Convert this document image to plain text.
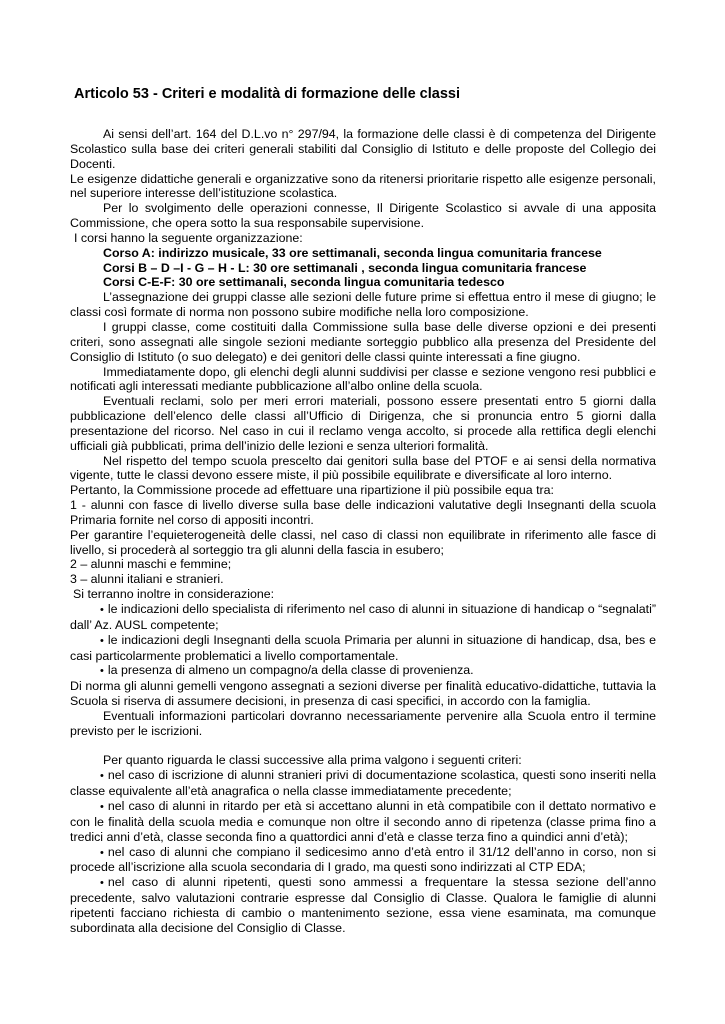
Articolo 53 - Criteri e modalità di formazione delle classi

Ai sensi dell’art. 164 del D.L.vo n° 297/94, la formazione delle classi è di competenza del Dirigente Scolastico sulla base dei criteri generali stabiliti dal Consiglio di Istituto e delle proposte del Collegio dei Docenti.

Le esigenze didattiche generali e organizzative sono da ritenersi prioritarie rispetto alle esigenze personali, nel superiore interesse dell’istituzione scolastica.

Per lo svolgimento delle operazioni connesse, Il Dirigente Scolastico si avvale di una apposita Commissione, che opera sotto la sua responsabile supervisione.

I corsi hanno la seguente organizzazione:

Corso A: indirizzo musicale, 33 ore settimanali, seconda lingua comunitaria francese

Corsi B – D –I - G – H - L: 30 ore settimanali , seconda lingua comunitaria francese

Corsi C-E-F: 30 ore settimanali, seconda lingua comunitaria tedesco

L’assegnazione dei gruppi classe alle sezioni delle future prime si effettua entro il mese di giugno; le classi così formate di norma non possono subire modifiche nella loro composizione.

I gruppi classe, come costituiti dalla Commissione sulla base delle diverse opzioni e dei presenti criteri, sono assegnati alle singole sezioni mediante sorteggio pubblico alla presenza del Presidente del Consiglio di Istituto (o suo delegato) e dei genitori delle classi quinte interessati a fine giugno.

Immediatamente dopo, gli elenchi degli alunni suddivisi per classe e sezione vengono resi pubblici e notificati agli interessati mediante pubblicazione all’albo online della scuola.

Eventuali reclami, solo per meri errori materiali, possono essere presentati entro 5 giorni dalla pubblicazione dell’elenco delle classi all’Ufficio di Dirigenza, che si pronuncia entro 5 giorni dalla presentazione del ricorso. Nel caso in cui il reclamo venga accolto, si procede alla rettifica degli elenchi ufficiali già pubblicati, prima dell’inizio delle lezioni e senza ulteriori formalità.

Nel rispetto del tempo scuola prescelto dai genitori sulla base del PTOF e ai sensi della normativa vigente, tutte le classi devono essere miste, il più possibile equilibrate e diversificate al loro interno.

Pertanto, la Commissione procede ad effettuare una ripartizione il più possibile equa tra:

1 - alunni con fasce di livello diverse sulla base delle indicazioni valutative degli Insegnanti della scuola Primaria fornite nel corso di appositi incontri.

Per garantire l’equieterogeneità delle classi, nel caso di classi non equilibrate in riferimento alle fasce di livello, si procederà al sorteggio tra gli alunni della fascia in esubero;

2 – alunni maschi e femmine;

3 – alunni italiani e stranieri.

Si terranno inoltre in considerazione:

• le indicazioni dello specialista di riferimento nel caso di alunni in situazione di handicap o “segnalati” dall’ Az. AUSL competente;

• le indicazioni degli Insegnanti della scuola Primaria per alunni in situazione di handicap, dsa, bes e casi particolarmente problematici a livello comportamentale.

• la presenza di almeno un compagno/a della classe di provenienza.

Di norma gli alunni gemelli vengono assegnati a sezioni diverse per finalità educativo-didattiche, tuttavia la Scuola si riserva di assumere decisioni, in presenza di casi specifici, in accordo con la famiglia.

Eventuali informazioni particolari dovranno necessariamente pervenire alla Scuola entro il termine previsto per le iscrizioni.

Per quanto riguarda le classi successive alla prima valgono i seguenti criteri:

• nel caso di iscrizione di alunni stranieri privi di documentazione scolastica, questi sono inseriti nella classe equivalente all’età anagrafica o nella classe immediatamente precedente;

• nel caso di alunni in ritardo per età si accettano alunni in età compatibile con il dettato normativo e con le finalità della scuola media e comunque non oltre il secondo anno di ripetenza (classe prima fino a tredici anni d’età, classe seconda fino a quattordici anni d’età e classe terza fino a quindici anni d’età);

• nel caso di alunni che compiano il sedicesimo anno d’età entro il 31/12 dell’anno in corso, non si procede all’iscrizione alla scuola secondaria di I grado, ma questi sono indirizzati al CTP EDA;

• nel caso di alunni ripetenti, questi sono ammessi a frequentare la stessa sezione dell’anno precedente, salvo valutazioni contrarie espresse dal Consiglio di Classe. Qualora le famiglie di alunni ripetenti facciano richiesta di cambio o mantenimento sezione, essa viene esaminata, ma comunque subordinata alla decisione del Consiglio di Classe.
